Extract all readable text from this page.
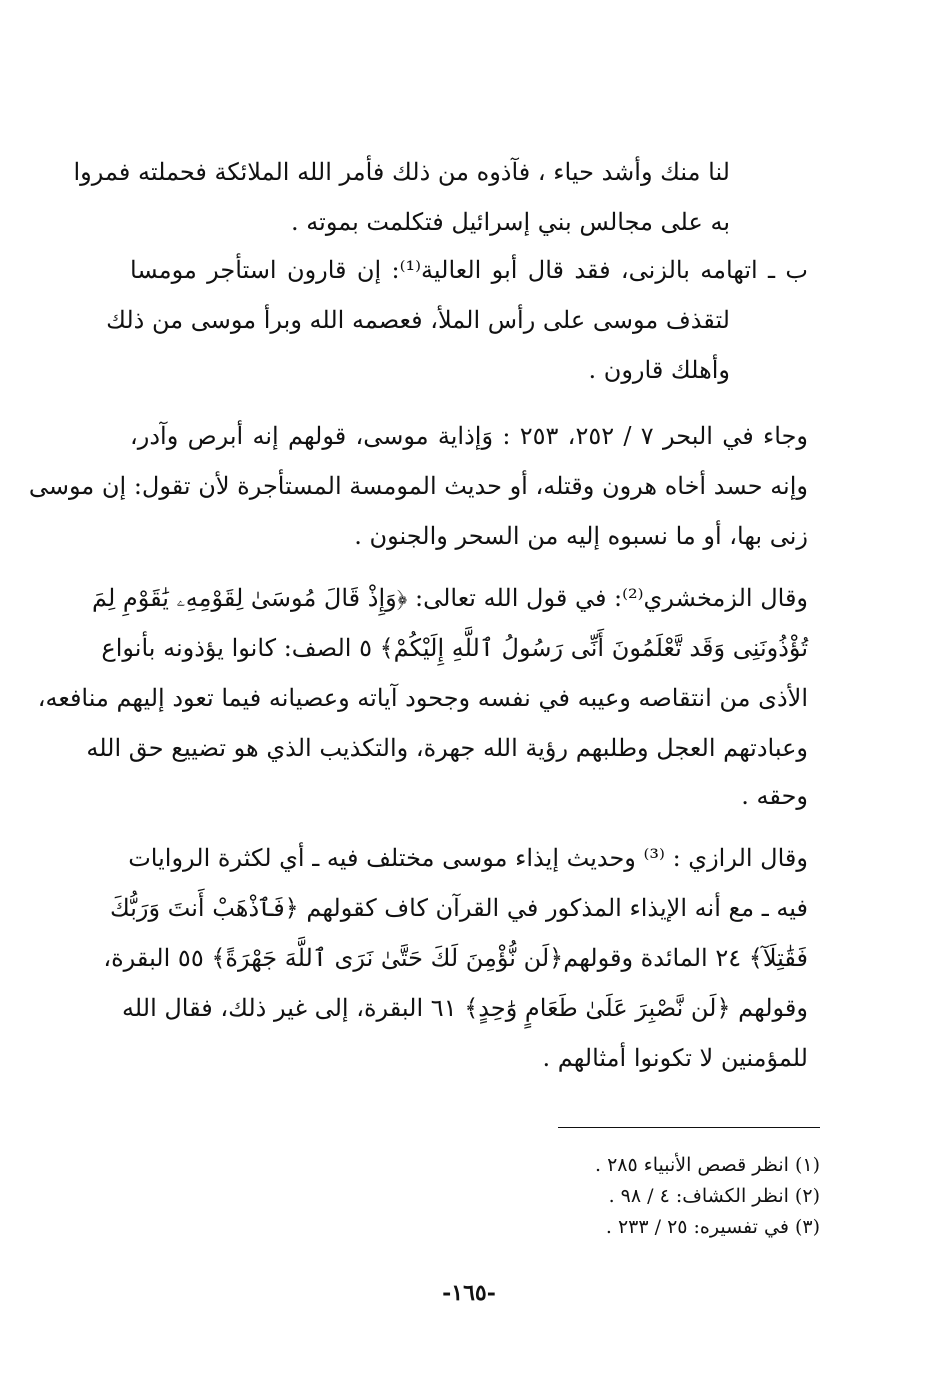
لنا منك وأشد حياء ، فآذوه من ذلك فأمر الله الملائكة فحملته فمروا
به على مجالس بني إسرائيل فتكلمت بموته .
ب ـ اتهامه بالزنى، فقد قال أبو العالية⁽¹⁾: إن قارون استأجر مومسا
لتقذف موسى على رأس الملأ، فعصمه الله وبرأ موسى من ذلك
وأهلك قارون .
وجاء في البحر ٧ / ٢٥٢، ٢٥٣ : وَإذاية موسى، قولهم إنه أبرص وآدر،
وإنه حسد أخاه هرون وقتله، أو حديث المومسة المستأجرة لأن تقول: إن موسى
زنى بها، أو ما نسبوه إليه من السحر والجنون .
وقال الزمخشري⁽²⁾: في قول الله تعالى: ﴿وَإِذْ قَالَ مُوسَىٰ لِقَوْمِهِۦ يَٰقَوْمِ لِمَ
تُؤْذُونَنِى وَقَد تَّعْلَمُونَ أَنِّى رَسُولُ ٱللَّهِ إِلَيْكُمْ﴾ ٥ الصف: كانوا يؤذونه بأنواع
الأذى من انتقاصه وعيبه في نفسه وجحود آياته وعصيانه فيما تعود إليهم منافعه،
وعبادتهم العجل وطلبهم رؤية الله جهرة، والتكذيب الذي هو تضييع حق الله
وحقه .
وقال الرازي : ⁽³⁾ وحديث إيذاء موسى مختلف فيه ـ أي لكثرة الروايات
فيه ـ مع أنه الإيذاء المذكور في القرآن كاف كقولهم ﴿فَٱذْهَبْ أَنتَ وَرَبُّكَ
فَقَٰتِلَآ﴾ ٢٤ المائدة وقولهم﴿لَن نُّؤْمِنَ لَكَ حَتَّىٰ نَرَى ٱللَّهَ جَهْرَةً﴾ ٥٥ البقرة،
وقولهم ﴿لَن نَّصْبِرَ عَلَىٰ طَعَامٍ وَٰحِدٍ﴾ ٦١ البقرة، إلى غير ذلك، فقال الله
للمؤمنين لا تكونوا أمثالهم .
(١) انظر قصص الأنبياء ٢٨٥ .
(٢) انظر الكشاف: ٤ / ٩٨ .
(٣) في تفسيره: ٢٥ / ٢٣٣ .
-١٦٥-
